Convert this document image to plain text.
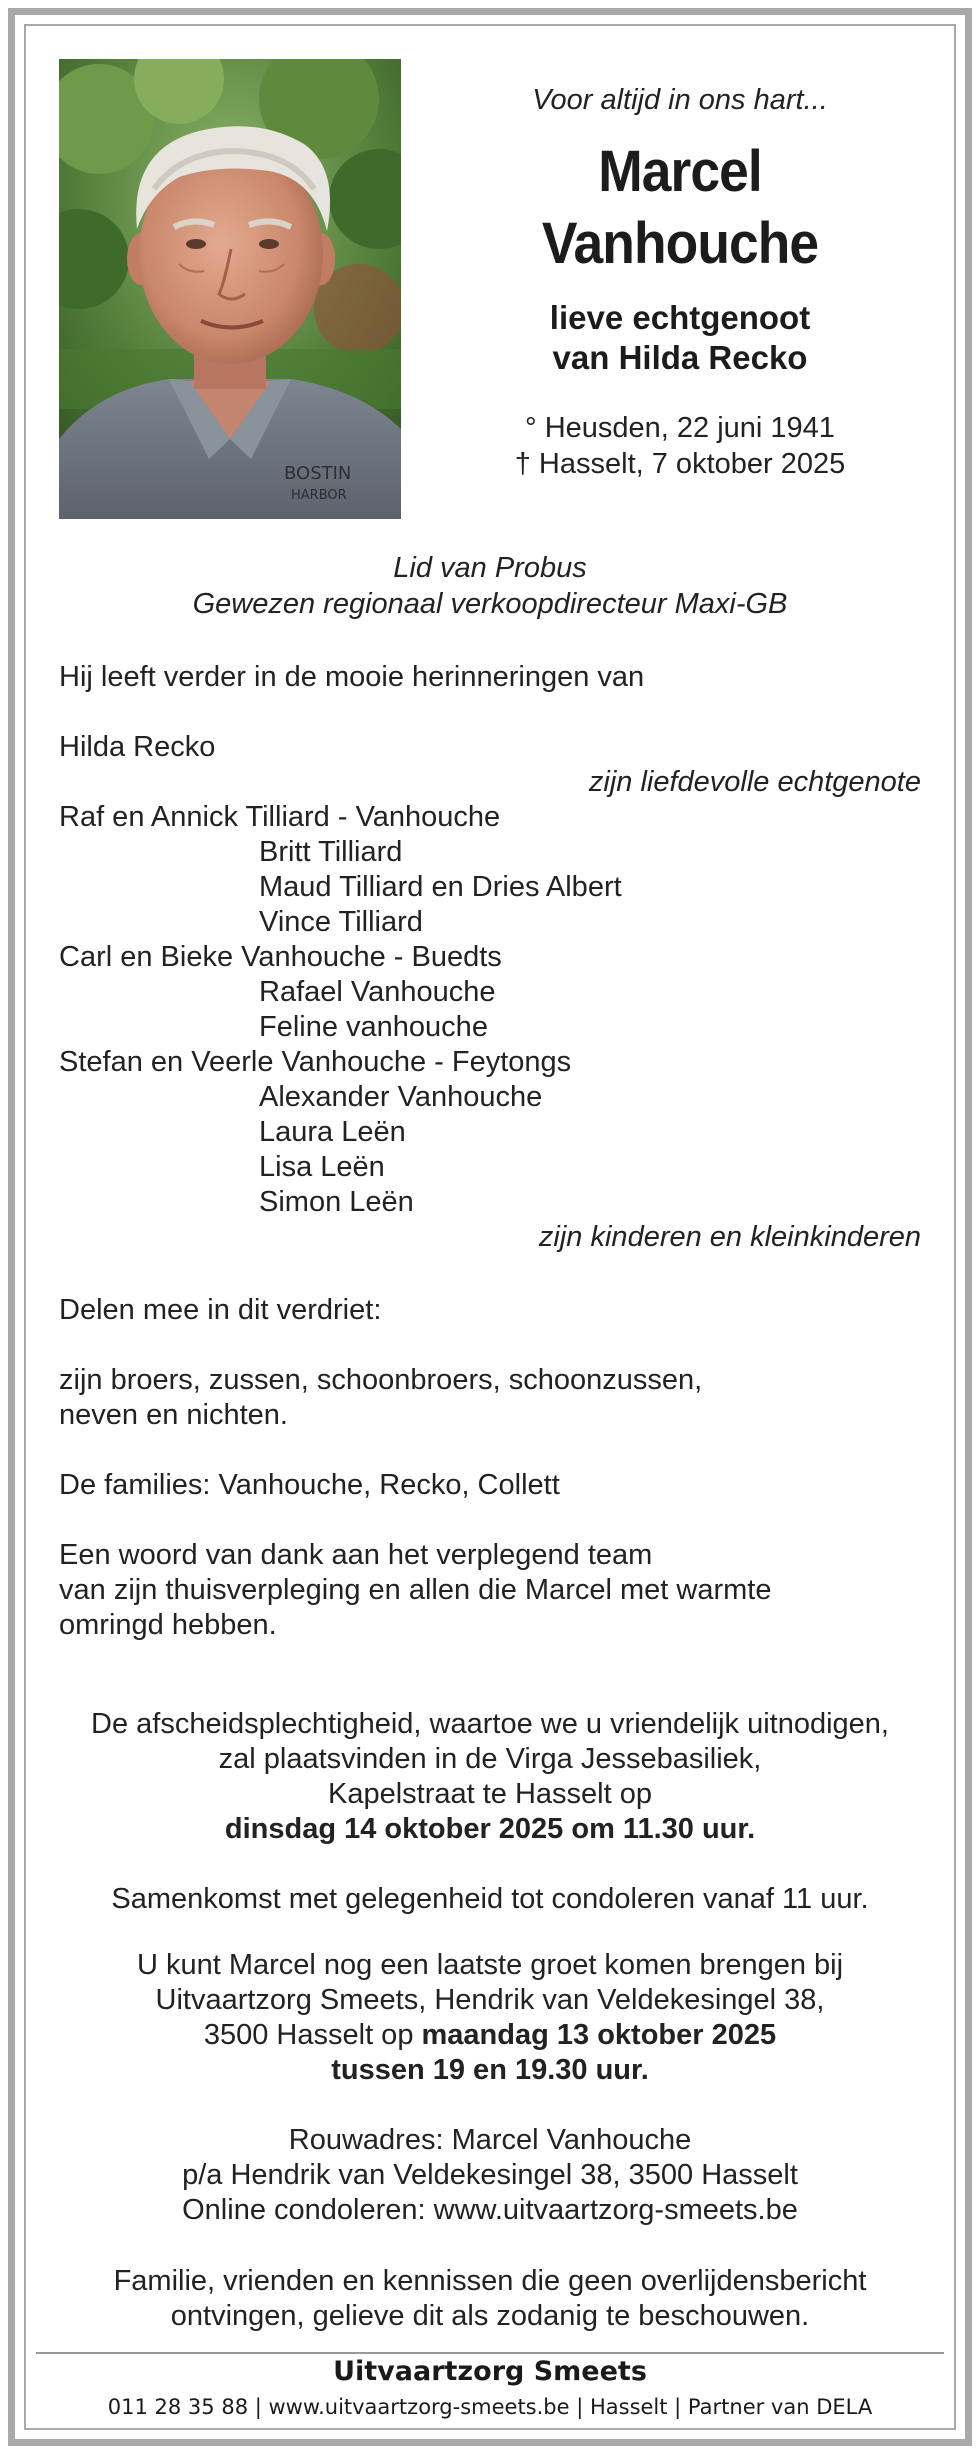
BOSTIN
HARBOR
Voor altijd in ons hart...
Marcel
Vanhouche
lieve echtgenoot
van Hilda Recko
° Heusden, 22 juni 1941
† Hasselt, 7 oktober 2025
Lid van Probus
Gewezen regionaal verkoopdirecteur Maxi-GB
Hij leeft verder in de mooie herinneringen van
Hilda Recko
zijn liefdevolle echtgenote
Raf en Annick Tilliard - Vanhouche
Britt Tilliard
Maud Tilliard en Dries Albert
Vince Tilliard
Carl en Bieke Vanhouche - Buedts
Rafael Vanhouche
Feline vanhouche
Stefan en Veerle Vanhouche - Feytongs
Alexander Vanhouche
Laura Leën
Lisa Leën
Simon Leën
zijn kinderen en kleinkinderen
Delen mee in dit verdriet:
zijn broers, zussen, schoonbroers, schoonzussen,
neven en nichten.
De families: Vanhouche, Recko, Collett
Een woord van dank aan het verplegend team
van zijn thuisverpleging en allen die Marcel met warmte
omringd hebben.
De afscheidsplechtigheid, waartoe we u vriendelijk uitnodigen,
zal plaatsvinden in de Virga Jessebasiliek,
Kapelstraat te Hasselt op
dinsdag 14 oktober 2025 om 11.30 uur.
Samenkomst met gelegenheid tot condoleren vanaf 11 uur.
U kunt Marcel nog een laatste groet komen brengen bij
Uitvaartzorg Smeets, Hendrik van Veldekesingel 38,
3500 Hasselt op maandag 13 oktober 2025
tussen 19 en 19.30 uur.
Rouwadres: Marcel Vanhouche
p/a Hendrik van Veldekesingel 38, 3500 Hasselt
Online condoleren: www.uitvaartzorg-smeets.be
Familie, vrienden en kennissen die geen overlijdensbericht
ontvingen, gelieve dit als zodanig te beschouwen.
Uitvaartzorg Smeets
011 28 35 88 | www.uitvaartzorg-smeets.be | Hasselt | Partner van DELA
